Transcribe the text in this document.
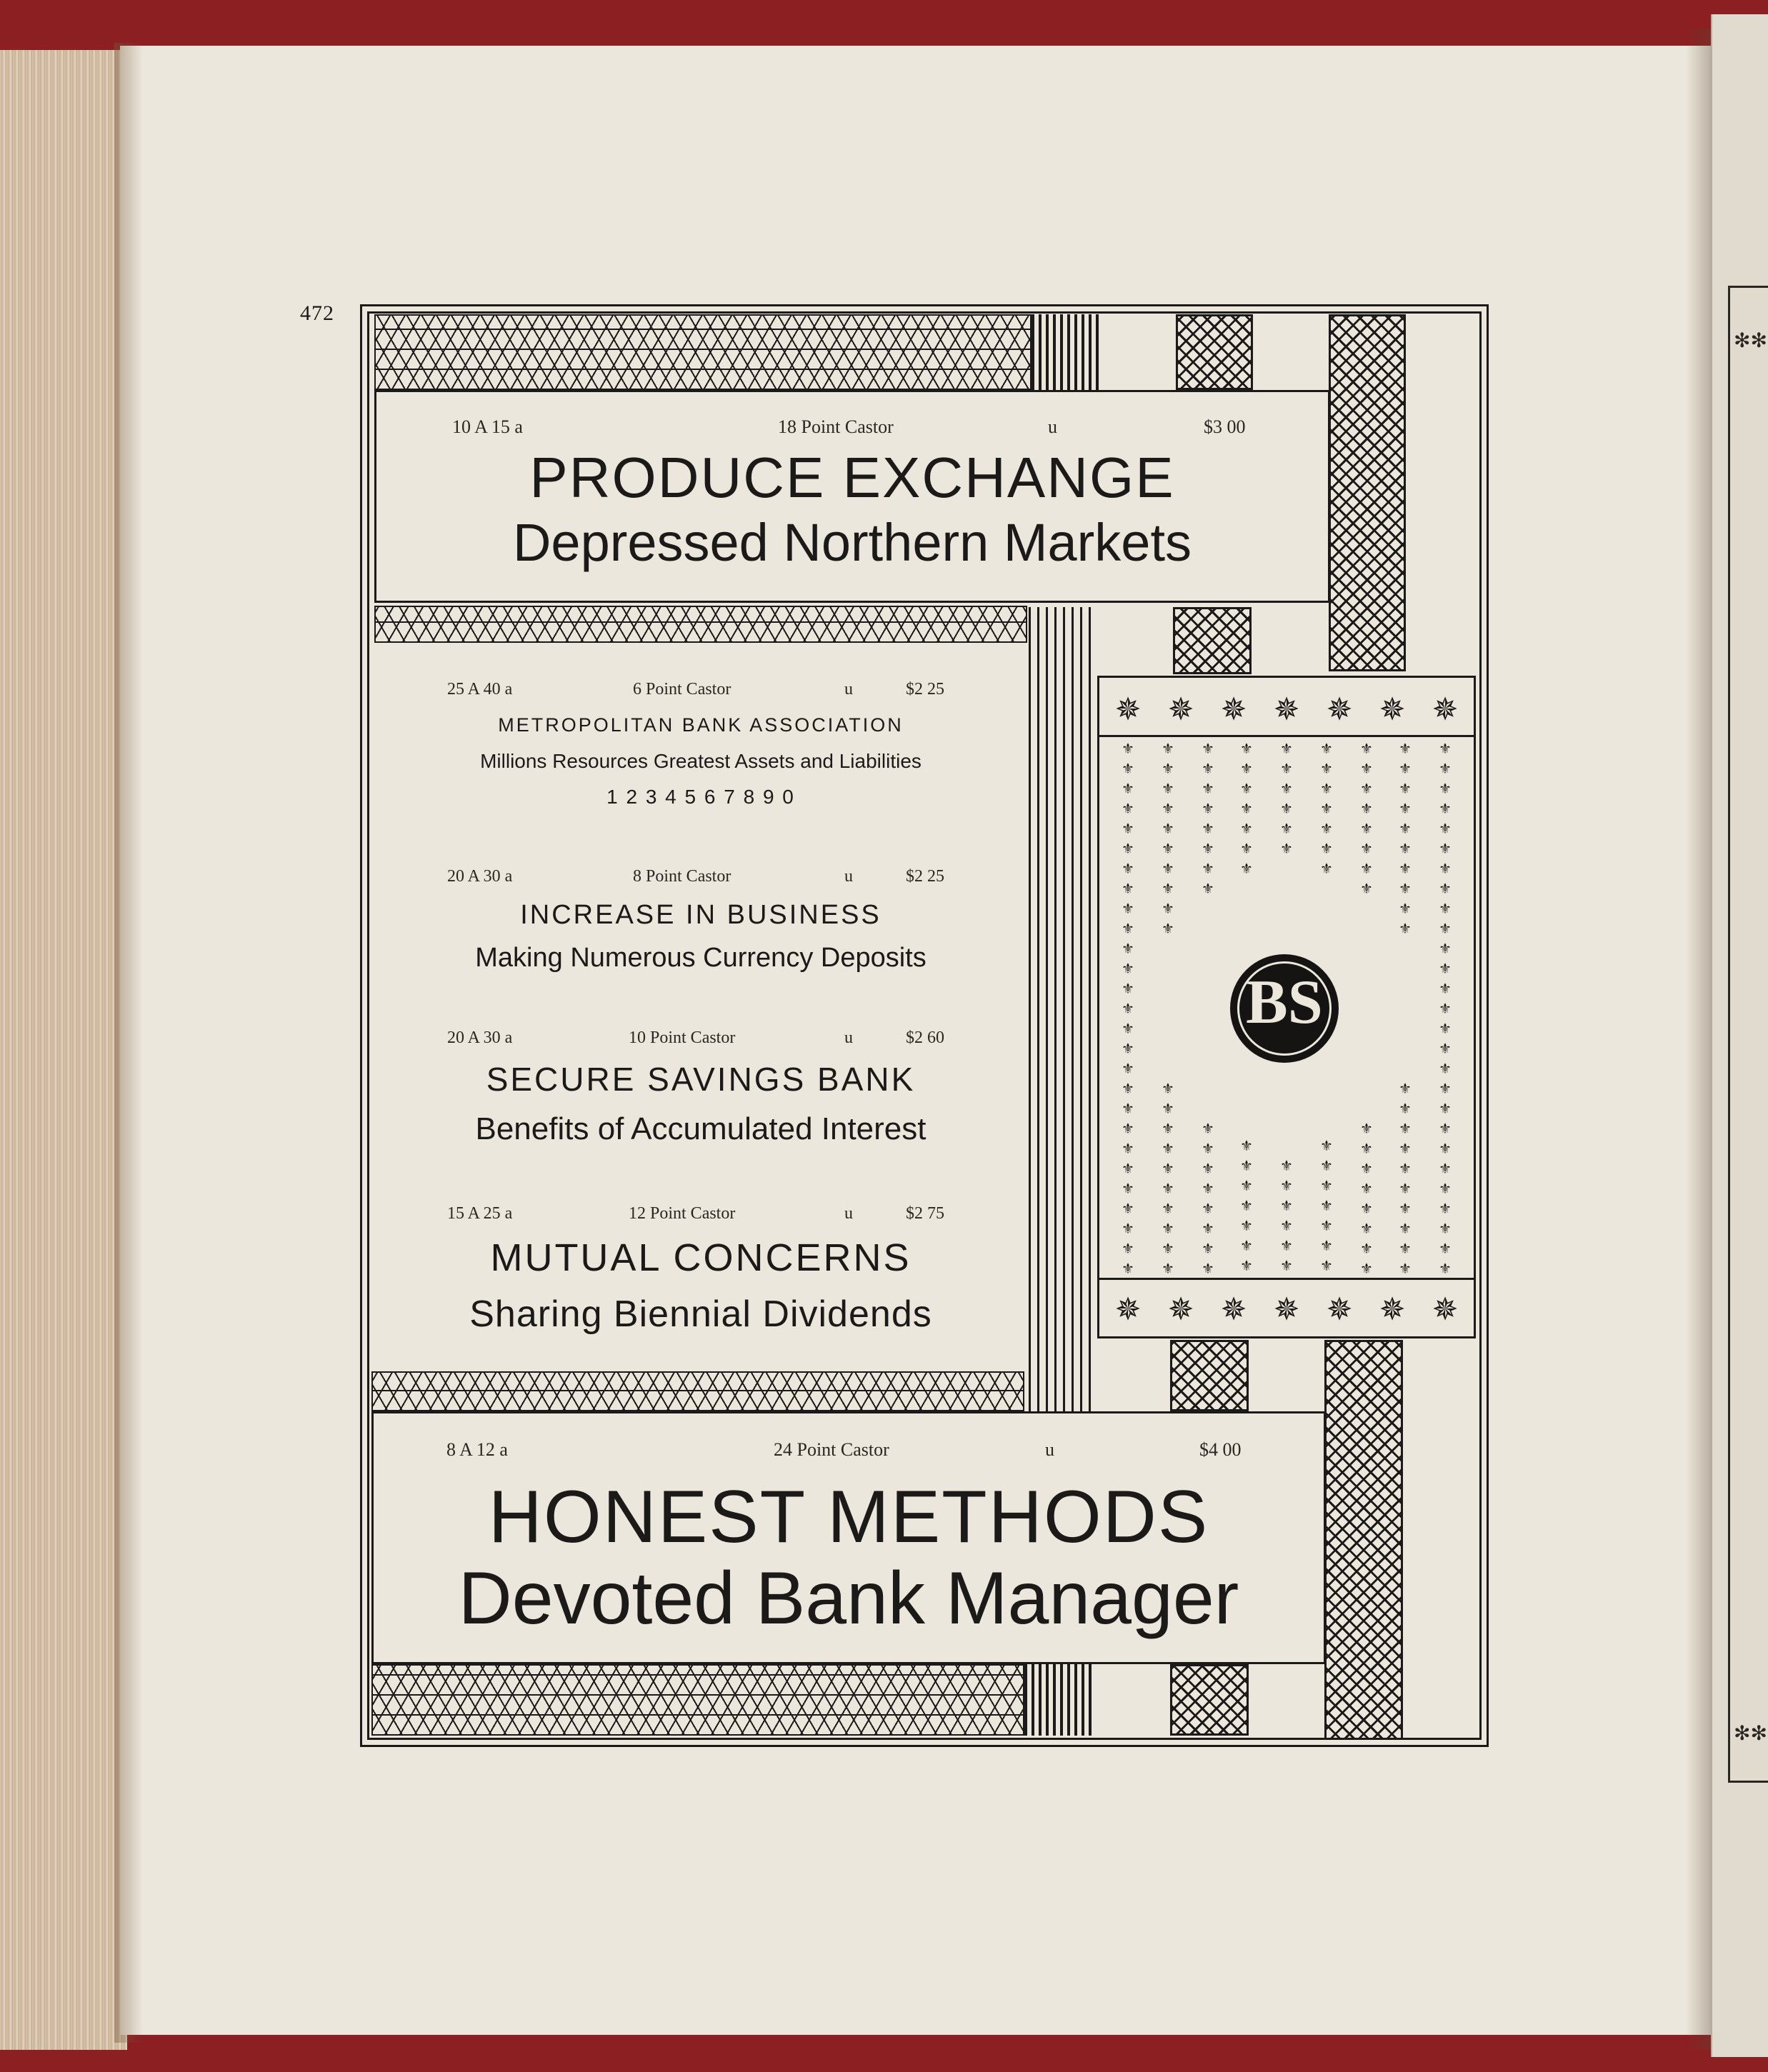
✻✻
✻✻
472
10 A 15 a	18 Point Castor	u	$3 00
PRODUCE EXCHANGE
Depressed Northern Markets
25 A 40 a	6 Point Castor	u	$2 25
METROPOLITAN BANK ASSOCIATION
Millions Resources Greatest Assets and Liabilities
1 2 3 4 5 6 7 8 9 0
20 A 30 a	8 Point Castor	u	$2 25
INCREASE IN BUSINESS
Making Numerous Currency Deposits
20 A 30 a	10 Point Castor	u	$2 60
SECURE SAVINGS BANK
Benefits of Accumulated Interest
15 A 25 a	12 Point Castor	u	$2 75
MUTUAL CONCERNS
Sharing Biennial Dividends
✵ ✵ ✵ ✵ ✵ ✵ ✵
✵ ✵ ✵ ✵ ✵ ✵ ✵
⚜
⚜
⚜
⚜
⚜
⚜
⚜
⚜
⚜
⚜
⚜
⚜
⚜
⚜
⚜
⚜
⚜
⚜
⚜
⚜
⚜
⚜
⚜
⚜
⚜
⚜
⚜
⚜
⚜
⚜
⚜
⚜
⚜
⚜
⚜
⚜
⚜
⚜
⚜
⚜
⚜
⚜
⚜
⚜
⚜
⚜
⚜
⚜
⚜
⚜
⚜
⚜
⚜
⚜
⚜
⚜
⚜
⚜
⚜
⚜
⚜
⚜
⚜
⚜
⚜
⚜
⚜
⚜
⚜
⚜
⚜
⚜
⚜
⚜
⚜
⚜
⚜
⚜
⚜
⚜
⚜
⚜
⚜
⚜
⚜
⚜
⚜
⚜
⚜
⚜
⚜
⚜
⚜
⚜
⚜
⚜
⚜
⚜
⚜
⚜
⚜
⚜
⚜
⚜
⚜
⚜
⚜
⚜
⚜
⚜
⚜
⚜
⚜
⚜
⚜
⚜
⚜
⚜
⚜
⚜
⚜
⚜
⚜
⚜
⚜
⚜
⚜
⚜
⚜
⚜
⚜
⚜
⚜
⚜
⚜
⚜
⚜
⚜
⚜
⚜
⚜
⚜
⚜
⚜
⚜
⚜
⚜
⚜
⚜
⚜
⚜
⚜
⚜
⚜
⚜
⚜
⚜
⚜
⚜
⚜
⚜
⚜
⚜
⚜
⚜
⚜
BS
8 A 12 a	24 Point Castor	u	$4 00
HONEST METHODS
Devoted Bank Manager
